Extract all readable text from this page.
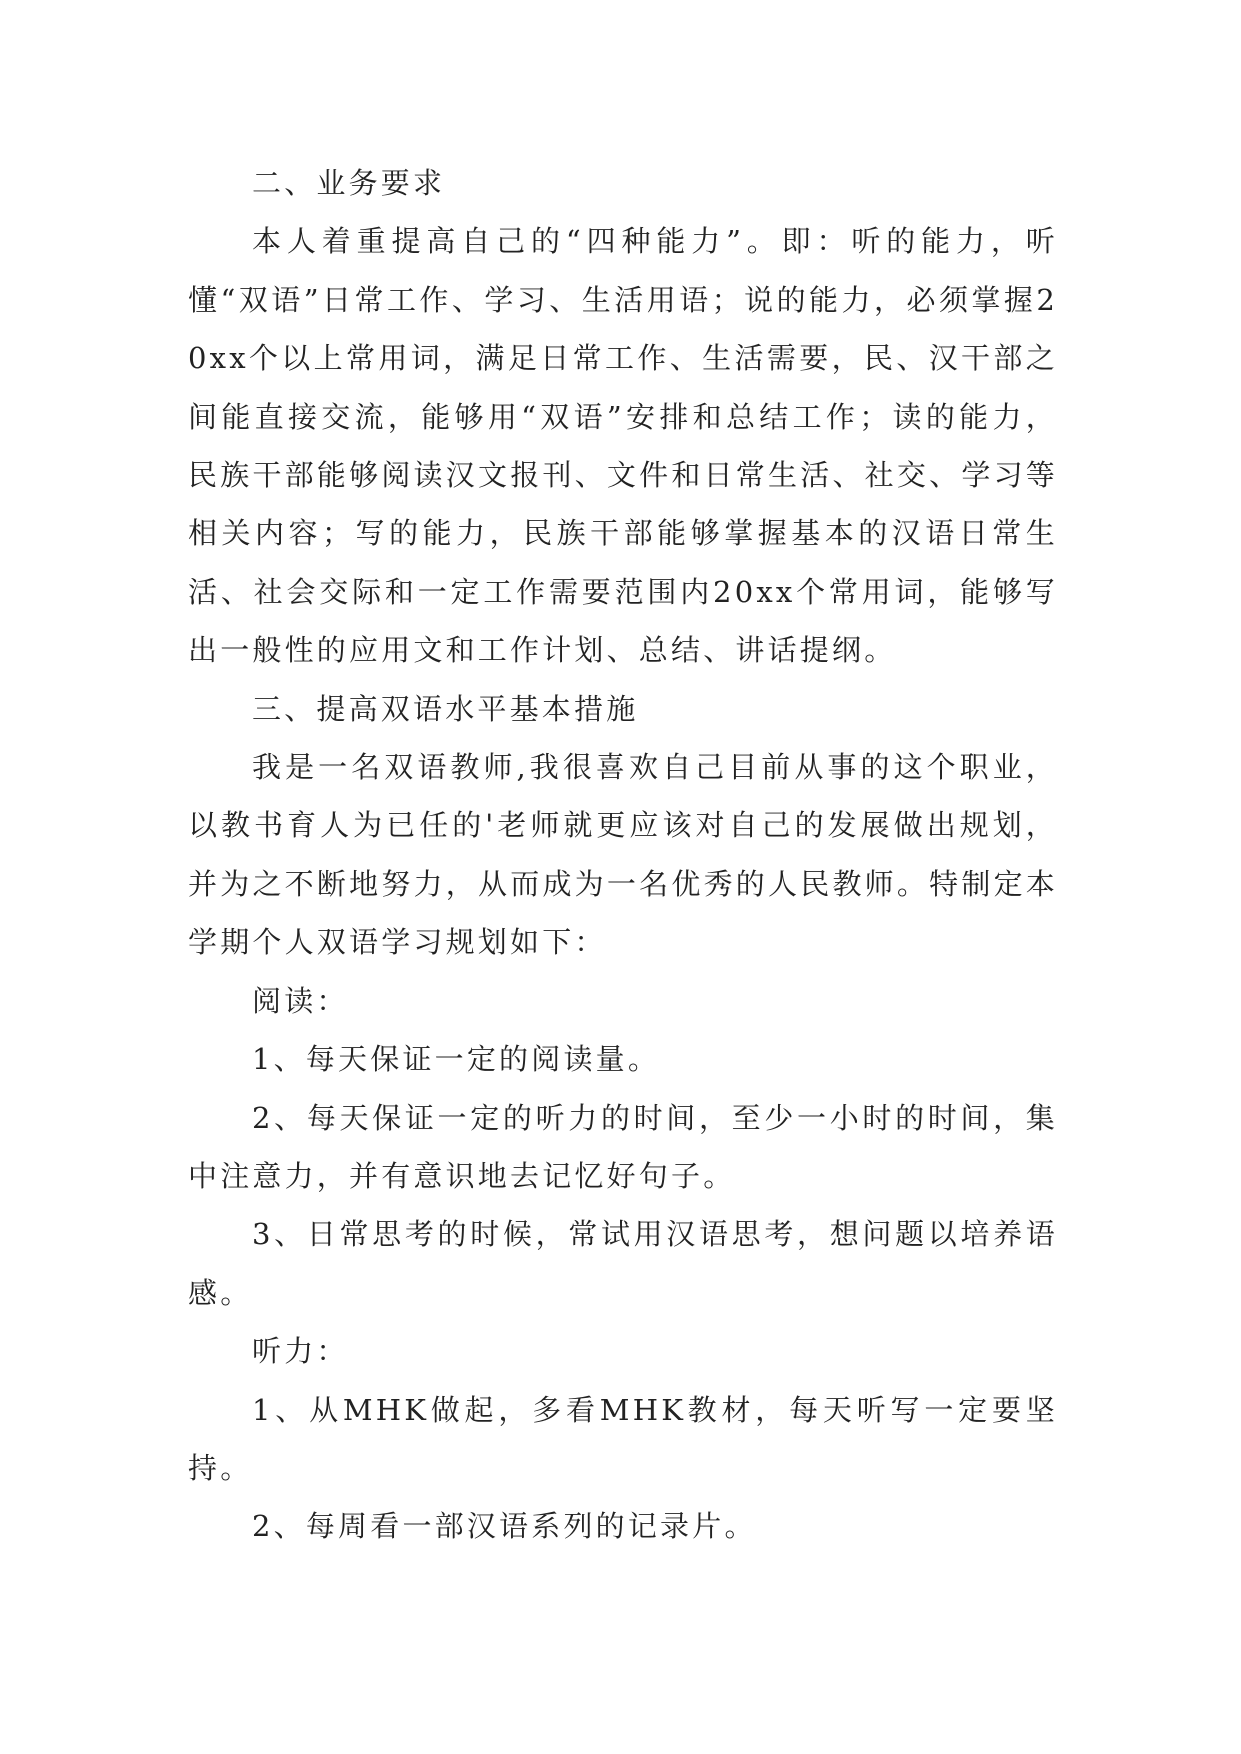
二、业务要求

本人着重提高自己的“四种能力”。即：听的能力，听懂“双语”日常工作、学习、生活用语；说的能力，必须掌握20xx个以上常用词，满足日常工作、生活需要，民、汉干部之间能直接交流，能够用“双语”安排和总结工作；读的能力，民族干部能够阅读汉文报刊、文件和日常生活、社交、学习等相关内容；写的能力，民族干部能够掌握基本的汉语日常生活、社会交际和一定工作需要范围内20xx个常用词，能够写出一般性的应用文和工作计划、总结、讲话提纲。

三、提高双语水平基本措施

我是一名双语教师,我很喜欢自己目前从事的这个职业，以教书育人为已任的'老师就更应该对自己的发展做出规划，并为之不断地努力，从而成为一名优秀的人民教师。特制定本学期个人双语学习规划如下：

阅读：

1、每天保证一定的阅读量。

2、每天保证一定的听力的时间，至少一小时的时间，集中注意力，并有意识地去记忆好句子。

3、日常思考的时候，常试用汉语思考，想问题以培养语感。

听力：

1、从MHK做起，多看MHK教材，每天听写一定要坚持。

2、每周看一部汉语系列的记录片。
